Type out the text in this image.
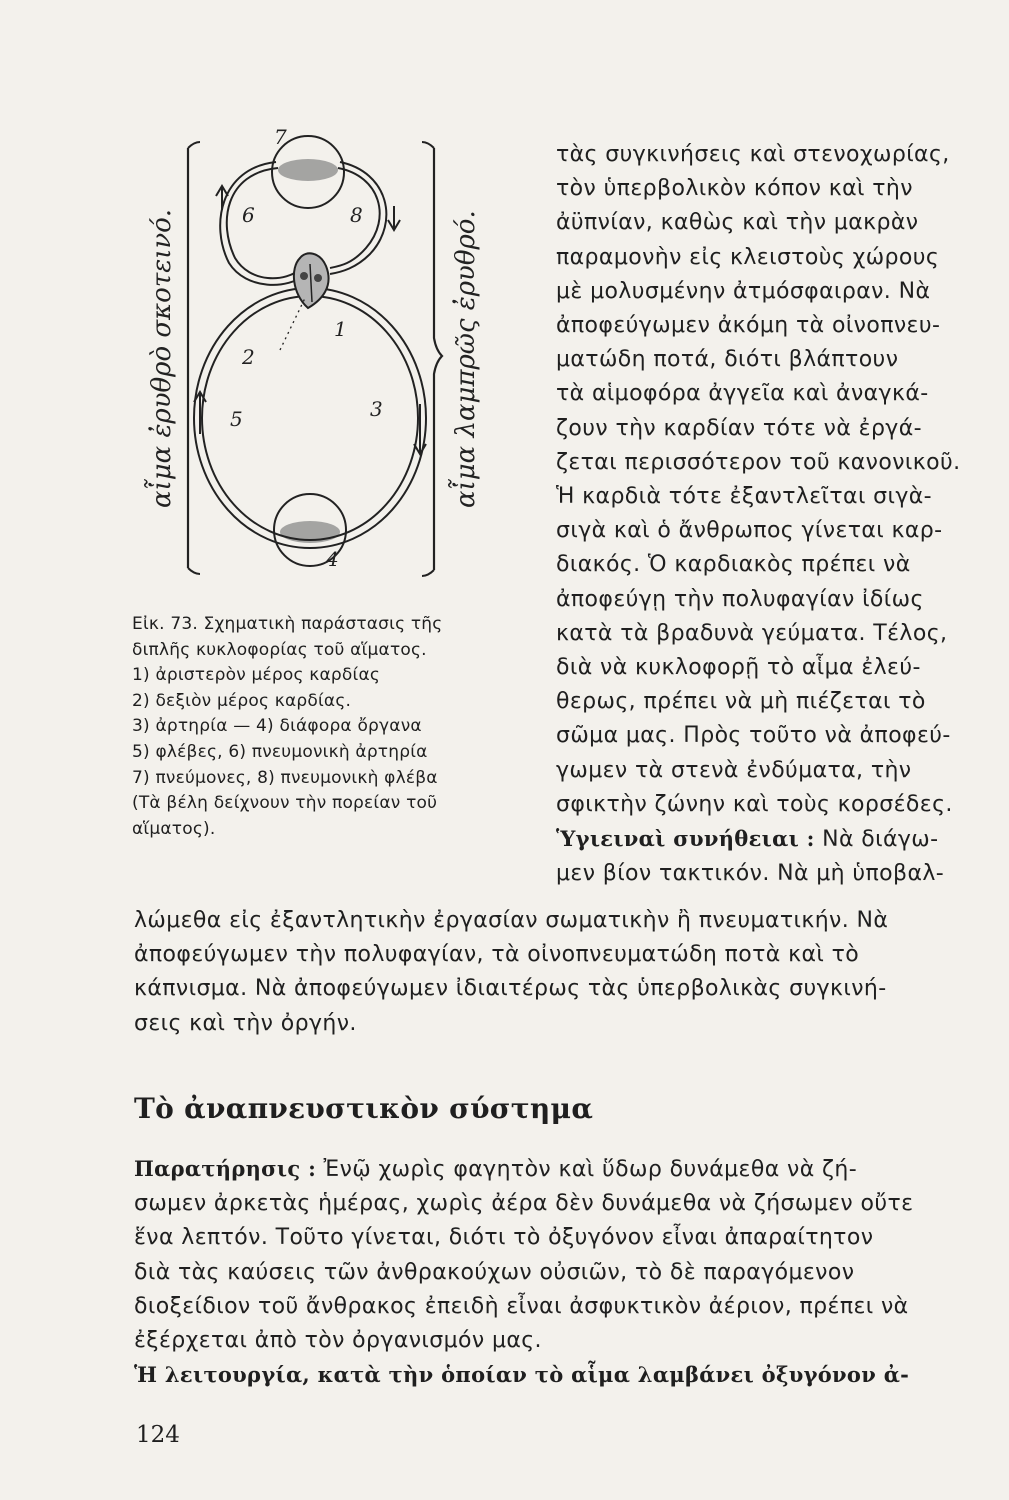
7
6	8
1
2
3
5
4
αἷμα ἐρυθρὸ σκοτεινό.	αἷμα λαμπρῶς ἐρυθρό.
Εἰκ. 73. Σχηματικὴ παράστασις τῆς
διπλῆς κυκλοφορίας τοῦ αἵματος.
1) ἀριστερὸν μέρος καρδίας
2) δεξιὸν μέρος καρδίας.
3) ἀρτηρία — 4) διάφορα ὄργανα
5) φλέβες, 6) πνευμονικὴ ἀρτηρία
7) πνεύμονες, 8) πνευμονικὴ φλέβα
(Τὰ βέλη δείχνουν τὴν πορείαν τοῦ
αἵματος).
τὰς συγκινήσεις καὶ στενοχωρίας,
τὸν ὑπερβολικὸν κόπον καὶ τὴν
ἀϋπνίαν, καθὼς καὶ τὴν μακρὰν
παραμονὴν εἰς κλειστοὺς χώρους
μὲ μολυσμένην ἀτμόσφαιραν. Νὰ
ἀποφεύγωμεν ἀκόμη τὰ οἰνοπνευ-
ματώδη ποτά, διότι βλάπτουν
τὰ αἱμοφόρα ἀγγεῖα καὶ ἀναγκά-
ζουν τὴν καρδίαν τότε νὰ ἐργά-
ζεται περισσότερον τοῦ κανονικοῦ.
Ἡ καρδιὰ τότε ἐξαντλεῖται σιγὰ-
σιγὰ καὶ ὁ ἄνθρωπος γίνεται καρ-
διακός. Ὁ καρδιακὸς πρέπει νὰ
ἀποφεύγῃ τὴν πολυφαγίαν ἰδίως
κατὰ τὰ βραδυνὰ γεύματα. Τέλος,
διὰ νὰ κυκλοφορῇ τὸ αἷμα ἐλεύ-
θερως, πρέπει νὰ μὴ πιέζεται τὸ
σῶμα μας. Πρὸς τοῦτο νὰ ἀποφεύ-
γωμεν τὰ στενὰ ἐνδύματα, τὴν
σφικτὴν ζώνην καὶ τοὺς κορσέδες.
Ὑγιειναὶ συνήθειαι : Νὰ διάγω-
μεν βίον τακτικόν. Νὰ μὴ ὑποβαλ-
λώμεθα εἰς ἐξαντλητικὴν ἐργασίαν σωματικὴν ἢ πνευματικήν. Νὰ
ἀποφεύγωμεν τὴν πολυφαγίαν, τὰ οἰνοπνευματώδη ποτὰ καὶ τὸ
κάπνισμα. Νὰ ἀποφεύγωμεν ἰδιαιτέρως τὰς ὑπερβολικὰς συγκινή-
σεις καὶ τὴν ὀργήν.
Τὸ ἀναπνευστικὸν σύστημα
Παρατήρησις : Ἐνῷ χωρὶς φαγητὸν καὶ ὕδωρ δυνάμεθα νὰ ζή-
σωμεν ἀρκετὰς ἡμέρας, χωρὶς ἀέρα δὲν δυνάμεθα νὰ ζήσωμεν οὔτε
ἕνα λεπτόν. Τοῦτο γίνεται, διότι τὸ ὀξυγόνον εἶναι ἀπαραίτητον
διὰ τὰς καύσεις τῶν ἀνθρακούχων οὐσιῶν, τὸ δὲ παραγόμενον
διοξείδιον τοῦ ἄνθρακος ἐπειδὴ εἶναι ἀσφυκτικὸν ἀέριον, πρέπει νὰ
ἐξέρχεται ἀπὸ τὸν ὀργανισμόν μας.
Ἡ λειτουργία, κατὰ τὴν ὁποίαν τὸ αἷμα λαμβάνει ὀξυγόνον ἀ-
124
